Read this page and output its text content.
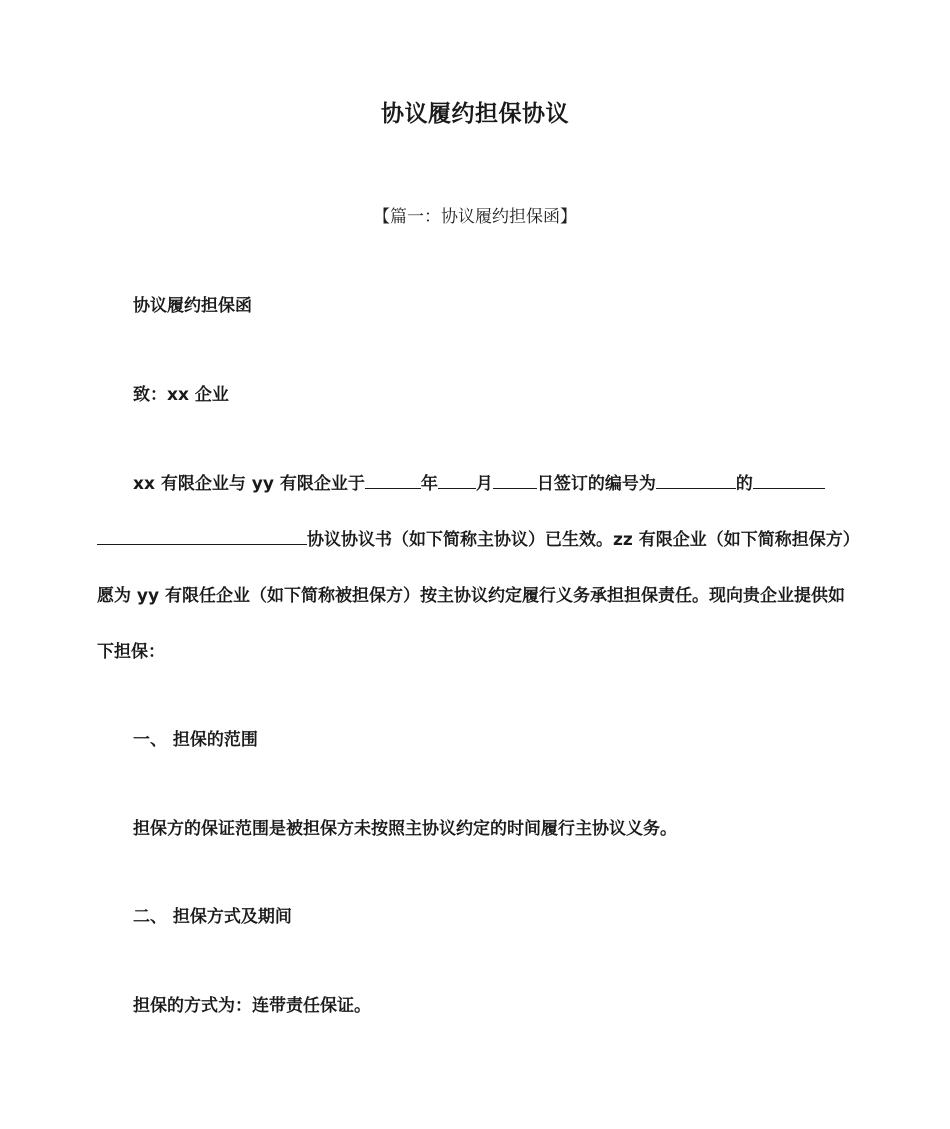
协议履约担保协议
【篇一：协议履约担保函】

协议履约担保函

致：xx 企业

xx 有限企业与 yy 有限企业于	年 月	日签订的编号为	的协议协议书（如下简称主协议）已生效。zz 有限企业（如下简称担保方）愿为 yy 有限任企业（如下简称被担保方）按主协议约定履行义务承担担保责任。现向贵企业提供如下担保：

一、 担保的范围

担保方的保证范围是被担保方未按照主协议约定的时间履行主协议义务。

二、 担保方式及期间

担保的方式为：连带责任保证。
